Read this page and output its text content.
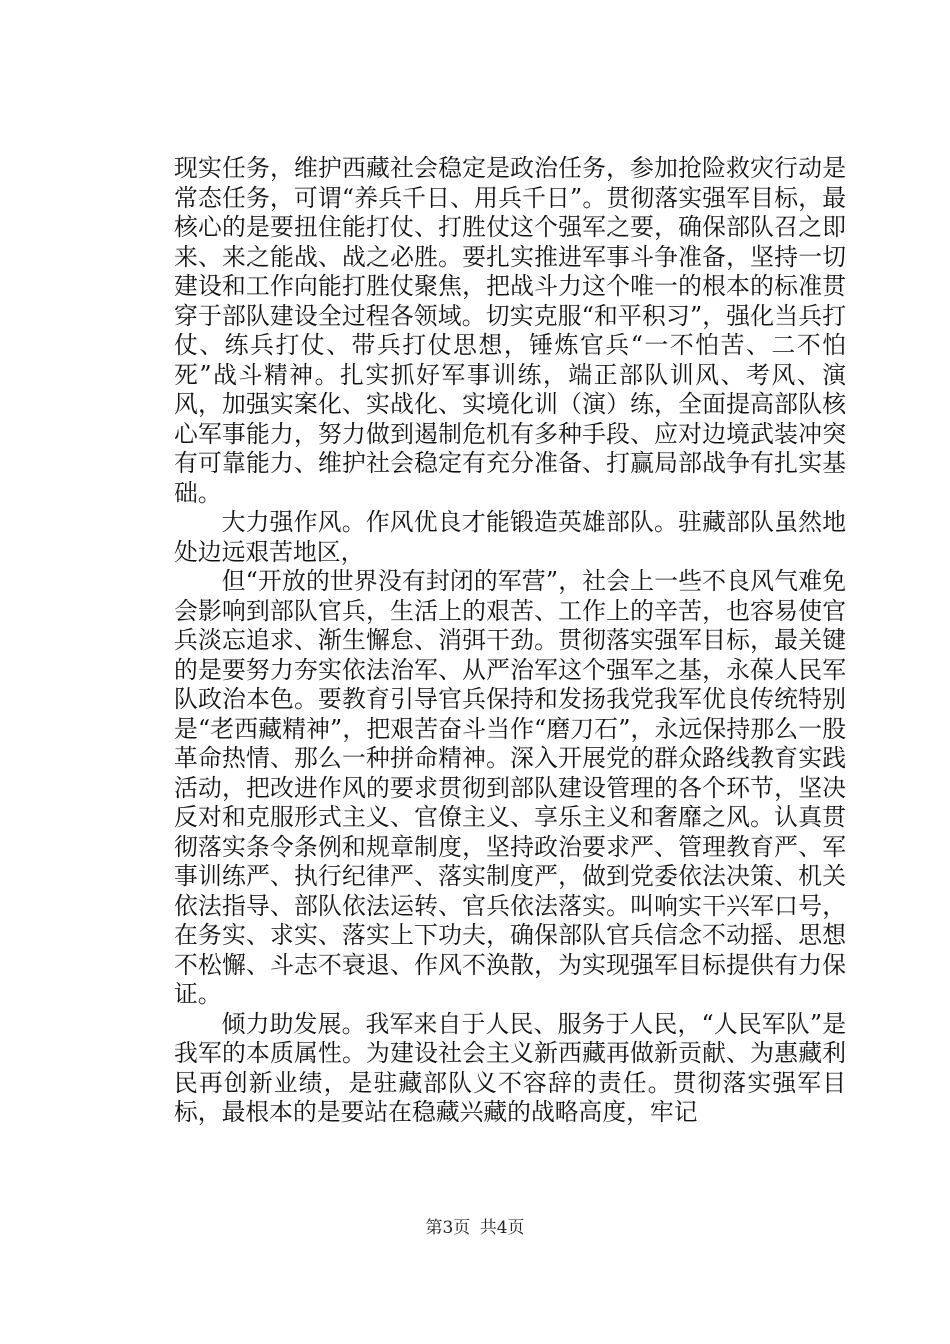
现实任务，维护西藏社会稳定是政治任务，参加抢险救灾行动是常态任务，可谓“养兵千日、用兵千日”。贯彻落实强军目标，最核心的是要扭住能打仗、打胜仗这个强军之要，确保部队召之即来、来之能战、战之必胜。要扎实推进军事斗争准备，坚持一切建设和工作向能打胜仗聚焦，把战斗力这个唯一的根本的标准贯穿于部队建设全过程各领域。切实克服“和平积习”，强化当兵打仗、练兵打仗、带兵打仗思想，锤炼官兵“一不怕苦、二不怕死”战斗精神。扎实抓好军事训练，端正部队训风、考风、演风，加强实案化、实战化、实境化训（演）练，全面提高部队核心军事能力，努力做到遏制危机有多种手段、应对边境武装冲突有可靠能力、维护社会稳定有充分准备、打赢局部战争有扎实基础。

大力强作风。作风优良才能锻造英雄部队。驻藏部队虽然地处边远艰苦地区，

但“开放的世界没有封闭的军营”，社会上一些不良风气难免会影响到部队官兵，生活上的艰苦、工作上的辛苦，也容易使官兵淡忘追求、渐生懈怠、消弭干劲。贯彻落实强军目标，最关键的是要努力夯实依法治军、从严治军这个强军之基，永葆人民军队政治本色。要教育引导官兵保持和发扬我党我军优良传统特别是“老西藏精神”，把艰苦奋斗当作“磨刀石”，永远保持那么一股革命热情、那么一种拼命精神。深入开展党的群众路线教育实践活动，把改进作风的要求贯彻到部队建设管理的各个环节，坚决反对和克服形式主义、官僚主义、享乐主义和奢靡之风。认真贯彻落实条令条例和规章制度，坚持政治要求严、管理教育严、军事训练严、执行纪律严、落实制度严，做到党委依法决策、机关依法指导、部队依法运转、官兵依法落实。叫响实干兴军口号，在务实、求实、落实上下功夫，确保部队官兵信念不动摇、思想不松懈、斗志不衰退、作风不涣散，为实现强军目标提供有力保证。

倾力助发展。我军来自于人民、服务于人民，“人民军队”是我军的本质属性。为建设社会主义新西藏再做新贡献、为惠藏利民再创新业绩，是驻藏部队义不容辞的责任。贯彻落实强军目标，最根本的是要站在稳藏兴藏的战略高度，牢记

第3页 共4页
